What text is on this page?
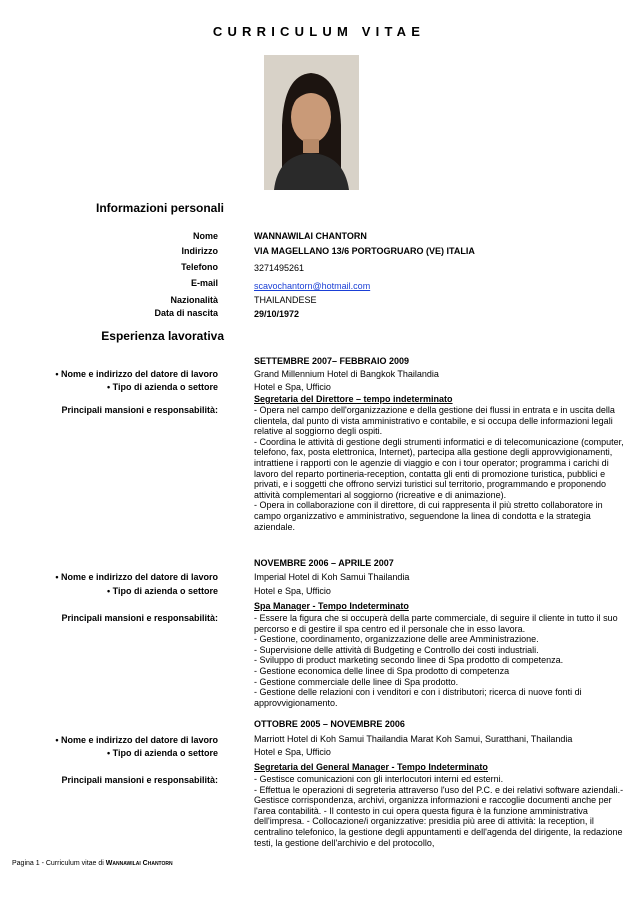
CURRICULUM VITAE
Informazioni personali
Nome	WANNAWILAI CHANTORN
Indirizzo	VIA MAGELLANO 13/6 PORTOGRUARO (VE) ITALIA
Telefono	3271495261
E-mail	scavochantorn@hotmail.com
Nazionalità	THAILANDESE
Data di nascita	29/10/1972
Esperienza lavorativa
SETTEMBRE 2007– FEBBRAIO 2009
• Nome e indirizzo del datore di lavoro	Grand Millennium Hotel di Bangkok Thailandia
• Tipo di azienda o settore	Hotel e Spa, Ufficio
Segretaria del Direttore – tempo indeterminato
Principali mansioni e responsabilità:	- Opera nel campo dell'organizzazione e della gestione dei flussi in entrata e in uscita della clientela, dal punto di vista amministrativo e contabile, e si occupa delle informazioni legali relative al soggiorno degli ospiti.

- Coordina le attività di gestione degli strumenti informatici e di telecomunicazione (computer, telefono, fax, posta elettronica, Internet), partecipa alla gestione degli approvvigionamenti, intrattiene i rapporti con le agenzie di viaggio e con i tour operator; programma i carichi di lavoro del reparto portineria-reception, contatta gli enti di promozione turistica, pubblici e privati, e i soggetti che offrono servizi turistici sul territorio, programmando e proponendo attività complementari al soggiorno (ricreative e di animazione).

- Opera in collaborazione con il direttore, di cui rappresenta il più stretto collaboratore in campo organizzativo e amministrativo, seguendone la linea di condotta e la strategia aziendale.

NOVEMBRE 2006 – APRILE 2007
• Nome e indirizzo del datore di lavoro	Imperial Hotel di Koh Samui Thailandia
• Tipo di azienda o settore	Hotel e Spa, Ufficio
Spa Manager - Tempo Indeterminato
Principali mansioni e responsabilità:	- Essere la figura che si occuperà della parte commerciale, di seguire il cliente in tutto il suo percorso e di gestire il spa centro ed il personale che in esso lavora.

- Gestione, coordinamento, organizzazione delle aree Amministrazione.

- Supervisione delle attività di Budgeting e Controllo dei costi industriali.

- Sviluppo di product marketing secondo linee di Spa prodotto di competenza.

- Gestione economica delle linee di Spa prodotto di competenza

- Gestione commerciale delle linee di Spa prodotto.

- Gestione delle relazioni con i venditori e con i distributori; ricerca di nuove fonti di approvvigionamento.

OTTOBRE 2005 – NOVEMBRE 2006
• Nome e indirizzo del datore di lavoro	Marriott Hotel di Koh Samui Thailandia Marat Koh Samui, Suratthani, Thailandia
• Tipo di azienda o settore	Hotel e Spa, Ufficio
Segretaria del General Manager - Tempo Indeterminato
Principali mansioni e responsabilità:	- Gestisce comunicazioni con gli interlocutori interni ed esterni.

- Effettua le operazioni di segreteria attraverso l'uso del P.C. e dei relativi software aziendali.- Gestisce corrispondenza, archivi, organizza informazioni e raccoglie documenti anche per l'area contabilità. - Il contesto in cui opera questa figura è la funzione amministrativa dell'impresa. - Collocazione/i organizzative: presidia più aree di attività: la reception, il centralino telefonico, la gestione degli appuntamenti e dell'agenda del dirigente, la redazione testi, la gestione dell'archivio e del protocollo,

Pagina 1 - Curriculum vitae di Wannawilai Chantorn
